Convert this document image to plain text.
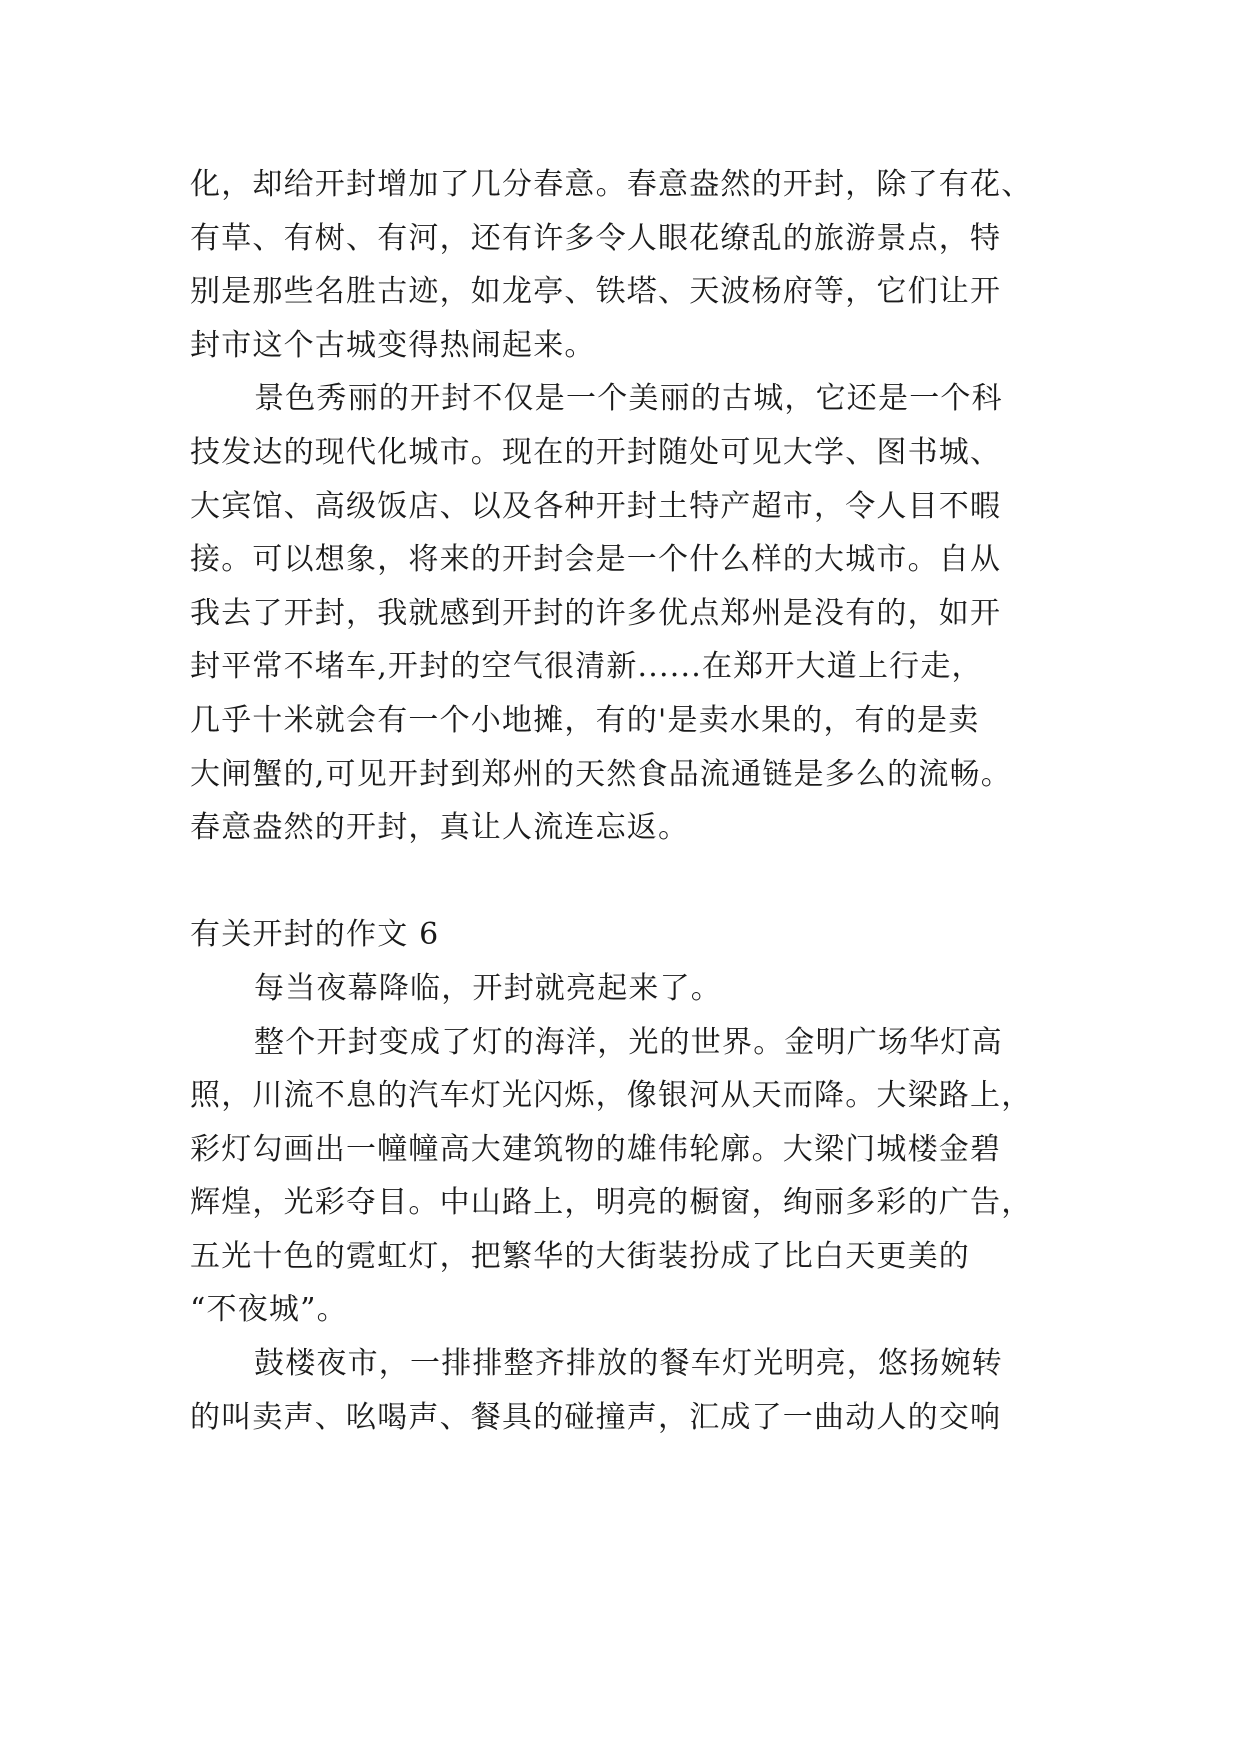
化，却给开封增加了几分春意。春意盎然的开封，除了有花、
有草、有树、有河，还有许多令人眼花缭乱的旅游景点，特
别是那些名胜古迹，如龙亭、铁塔、天波杨府等，它们让开
封市这个古城变得热闹起来。
景色秀丽的开封不仅是一个美丽的古城，它还是一个科
技发达的现代化城市。现在的开封随处可见大学、图书城、
大宾馆、高级饭店、以及各种开封土特产超市，令人目不暇
接。可以想象，将来的开封会是一个什么样的大城市。自从
我去了开封，我就感到开封的许多优点郑州是没有的，如开
封平常不堵车,开封的空气很清新......在郑开大道上行走，
几乎十米就会有一个小地摊，有的'是卖水果的，有的是卖
大闸蟹的,可见开封到郑州的天然食品流通链是多么的流畅。
春意盎然的开封，真让人流连忘返。
有关开封的作文 6
每当夜幕降临，开封就亮起来了。
整个开封变成了灯的海洋，光的世界。金明广场华灯高
照，川流不息的汽车灯光闪烁，像银河从天而降。大梁路上，
彩灯勾画出一幢幢高大建筑物的雄伟轮廓。大梁门城楼金碧
辉煌，光彩夺目。中山路上，明亮的橱窗，绚丽多彩的广告，
五光十色的霓虹灯，把繁华的大街装扮成了比白天更美的
“不夜城”。
鼓楼夜市，一排排整齐排放的餐车灯光明亮，悠扬婉转
的叫卖声、吆喝声、餐具的碰撞声，汇成了一曲动人的交响
